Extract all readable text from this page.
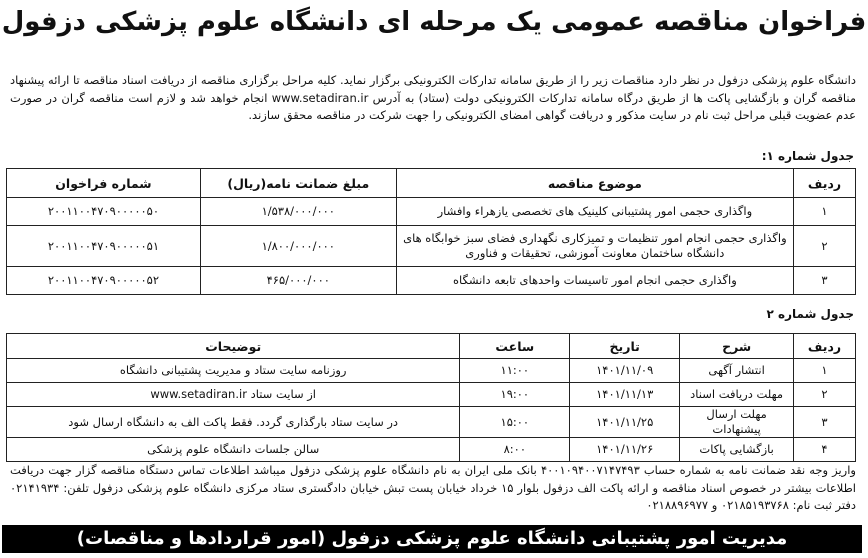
فراخوان مناقصه عمومی یک مرحله ای دانشگاه علوم پزشکی دزفول
دانشگاه علوم پزشکی دزفول در نظر دارد مناقصات زیر را از طریق سامانه تدارکات الکترونیکی برگزار نماید. کلیه مراحل برگزاری مناقصه از دریافت اسناد مناقصه تا ارائه پیشنهاد مناقصه گران و بازگشایی پاکت ها از طریق درگاه سامانه تدارکات الکترونیکی دولت (ستاد) به آدرس www.setadiran.ir انجام خواهد شد و لازم است مناقصه گران در صورت عدم عضویت قبلی مراحل ثبت نام در سایت مذکور و دریافت گواهی امضای الکترونیکی را جهت شرکت در مناقصه محقق سازند.
جدول شماره ۱:
ردیف	موضوع مناقصه	مبلغ ضمانت نامه(ریال)	شماره فراخوان
۱	واگذاری حجمی امور پشتیبانی کلینیک های تخصصی یازهراء وافشار	۱/۵۳۸/۰۰۰/۰۰۰	۲۰۰۱۱۰۰۴۷۰۹۰۰۰۰۰۵۰
۲	واگذاری حجمی انجام امور تنظیمات و تمیزکاری نگهداری فضای سبز خوابگاه های دانشگاه ساختمان معاونت آموزشی، تحقیقات و فناوری	۱/۸۰۰/۰۰۰/۰۰۰	۲۰۰۱۱۰۰۴۷۰۹۰۰۰۰۰۵۱
۳	واگذاری حجمی انجام امور تاسیسات واحدهای تابعه دانشگاه	۴۶۵/۰۰۰/۰۰۰	۲۰۰۱۱۰۰۴۷۰۹۰۰۰۰۰۵۲
جدول شماره ۲
ردیف	شرح	تاریخ	ساعت	توضیحات
۱	انتشار آگهی	۱۴۰۱/۱۱/۰۹	۱۱:۰۰	روزنامه سایت ستاد و مدیریت پشتیبانی دانشگاه
۲	مهلت دریافت اسناد	۱۴۰۱/۱۱/۱۳	۱۹:۰۰	از سایت ستاد www.setadiran.ir
۳	مهلت ارسال پیشنهادات	۱۴۰۱/۱۱/۲۵	۱۵:۰۰	در سایت ستاد بارگذاری گردد. فقط پاکت الف به دانشگاه ارسال شود
۴	بازگشایی پاکات	۱۴۰۱/۱۱/۲۶	۸:۰۰	سالن جلسات دانشگاه علوم پزشکی
واریز وجه نقد ضمانت نامه به شماره حساب ۴۰۰۱۰۹۴۰۰۷۱۴۷۴۹۳ بانک ملی ایران به نام دانشگاه علوم پزشکی دزفول میباشد اطلاعات تماس دستگاه مناقصه گزار جهت دریافت اطلاعات بیشتر در خصوص اسناد مناقصه و ارائه پاکت الف دزفول بلوار ۱۵ خرداد خیابان پست تبش خیابان دادگستری ستاد مرکزی دانشگاه علوم پزشکی دزفول تلفن: ۰۲۱۴۱۹۳۴ دفتر ثبت نام: ۰۲۱۸۵۱۹۳۷۶۸ و ۰۲۱۸۸۹۶۹۷۷
مدیریت امور پشتیبانی دانشگاه علوم پزشکی دزفول (امور قراردادها و مناقصات)
